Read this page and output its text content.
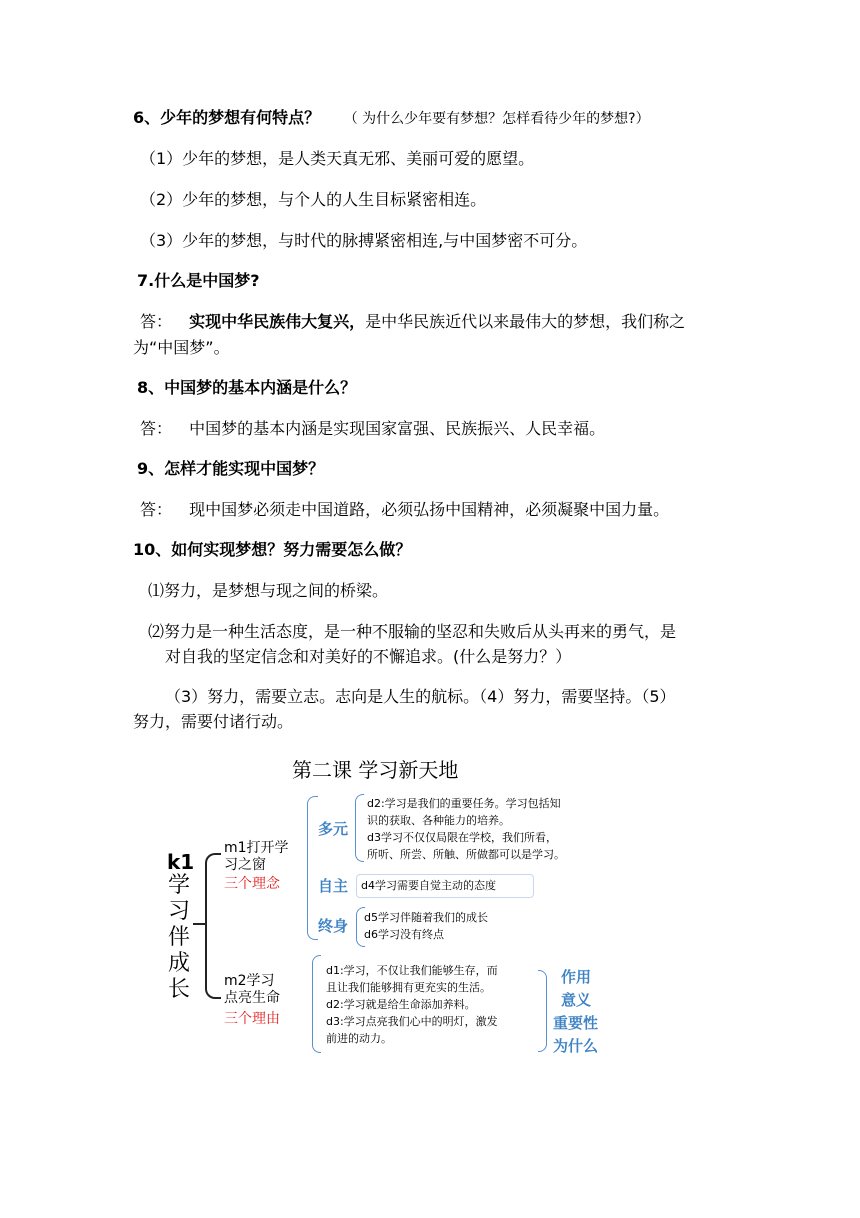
6、少年的梦想有何特点？ （ 为什么少年要有梦想？怎样看待少年的梦想?）
（1）少年的梦想，是人类天真无邪、美丽可爱的愿望。
（2）少年的梦想，与个人的人生目标紧密相连。
（3）少年的梦想，与时代的脉搏紧密相连,与中国梦密不可分。
7.什么是中国梦?
答： 实现中华民族伟大复兴，是中华民族近代以来最伟大的梦想，我们称之
为“中国梦”。
8、中国梦的基本内涵是什么？
答： 中国梦的基本内涵是实现国家富强、民族振兴、人民幸福。
9、怎样才能实现中国梦？
答： 现中国梦必须走中国道路，必须弘扬中国精神，必须凝聚中国力量。
10、如何实现梦想？努力需要怎么做？
⑴努力，是梦想与现之间的桥梁。
⑵努力是一种生活态度，是一种不服输的坚忍和失败后从头再来的勇气，是
对自我的坚定信念和对美好的不懈追求。(什么是努力？）
（3）努力，需要立志。志向是人生的航标。（4）努力，需要坚持。（5）
努力，需要付诸行动。
第二课 学习新天地
k1
学
习
伴
成
长
m1打开学
习之窗
三个理念
多元
d2:学习是我们的重要任务。学习包括知
识的获取、各种能力的培养。
d3学习不仅仅局限在学校，我们所看，
所听、所尝、所触、所做都可以是学习。
自主 d4学习需要自觉主动的态度
终身 d5学习伴随着我们的成长
d6学习没有终点
m2学习
点亮生命
三个理由
d1:学习，不仅让我们能够生存，而
且让我们能够拥有更充实的生活。
d2:学习就是给生命添加养料。
d3:学习点亮我们心中的明灯，激发
前进的动力。
作用
意义
重要性
为什么
